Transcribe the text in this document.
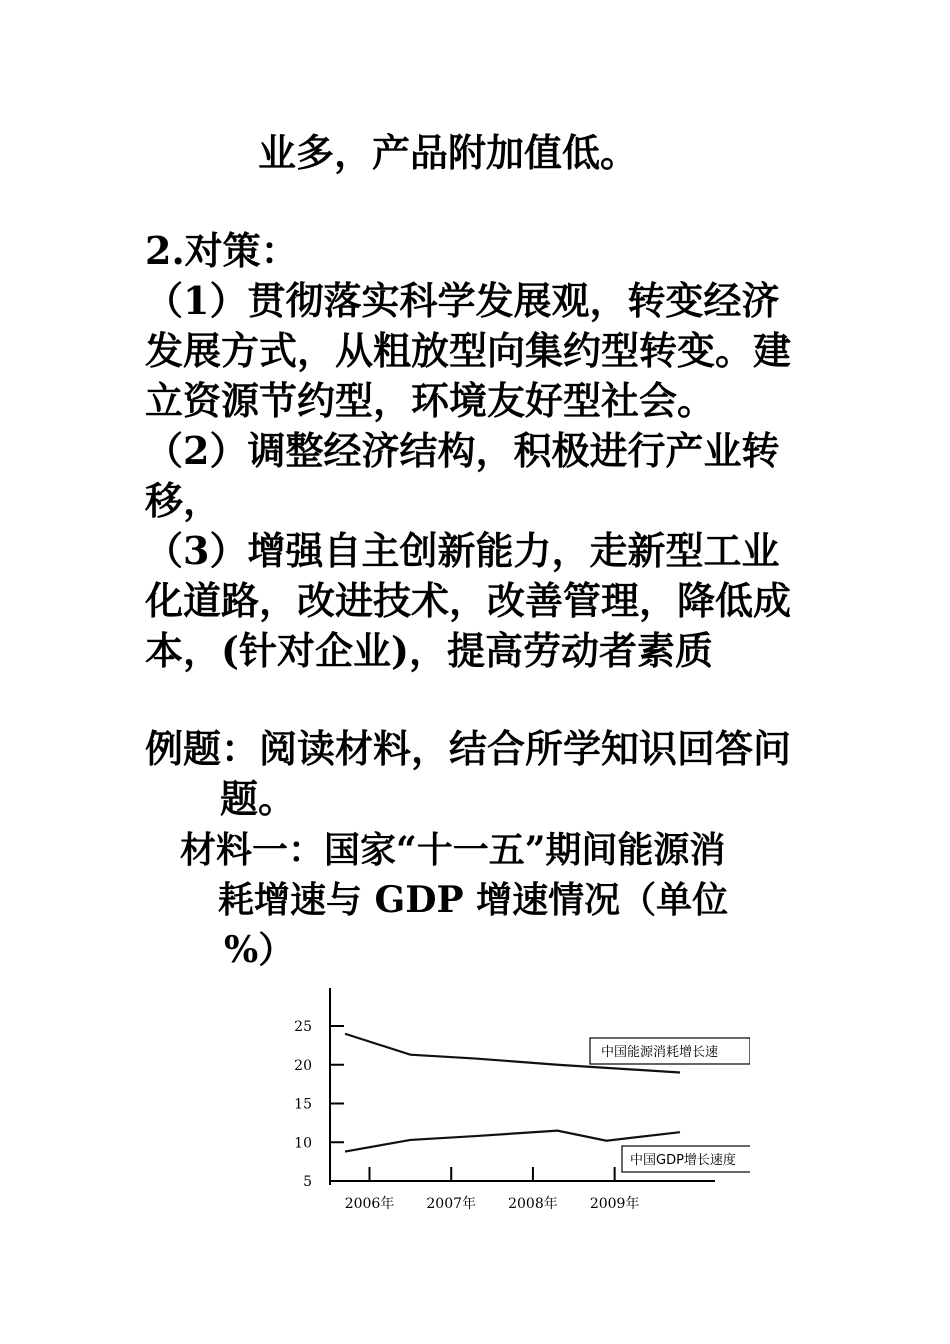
业多，产品附加值低。
2.对策：
（1）贯彻落实科学发展观，转变经济
发展方式，从粗放型向集约型转变。建
立资源节约型，环境友好型社会。
（2）调整经济结构，积极进行产业转
移，
（3）增强自主创新能力，走新型工业
化道路，改进技术，改善管理，降低成
本，(针对企业)，提高劳动者素质
例题：阅读材料，结合所学知识回答问
题。
材料一：国家“十一五”期间能源消
耗增速与 GDP 增速情况（单位
%）
5
10
15
20
25
2006年 2007年 2008年 2009年
中国能源消耗增长速
中国GDP增长速度
